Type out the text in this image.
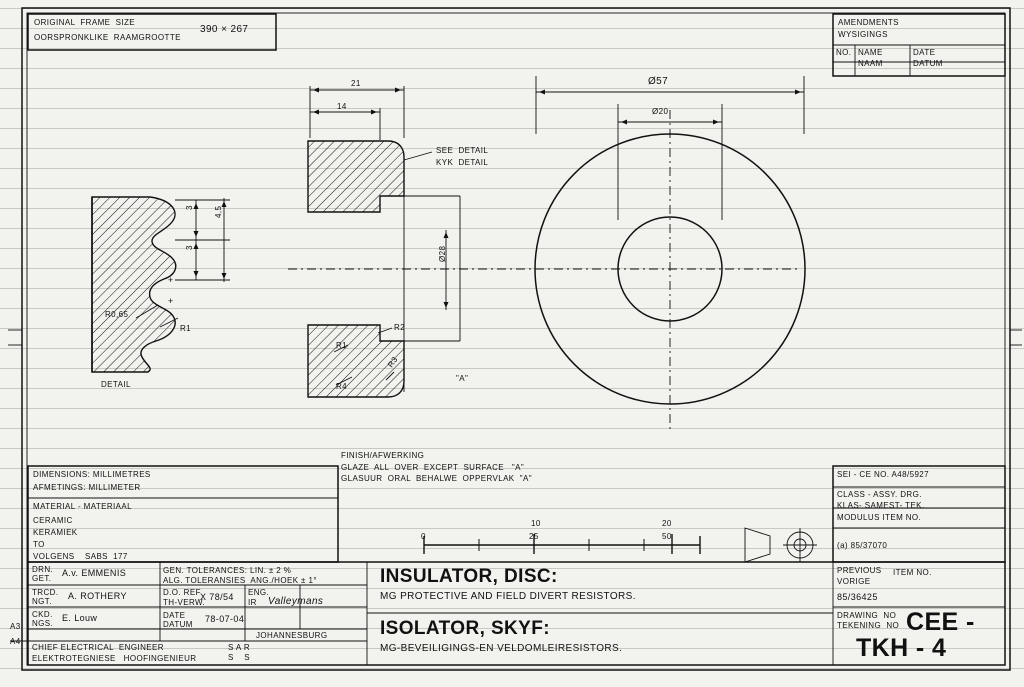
+
+
ORIGINAL  FRAME  SIZE
OORSPRONKLIKE  RAAMGROOTTE
390 × 267
AMENDMENTS
WYSIGINGS
NO. NAME
NAAM
DATE
DATUM
DETAIL
R0,65
R1
3
3
4,5
21
14
SEE  DETAIL
KYK  DETAIL
R1
R2
R3
R4
"A"
Ø28
Ø57
Ø20
FINISH/AFWERKING
GLAZE  ALL  OVER  EXCEPT  SURFACE   "A"
GLASUUR  ORAL  BEHALWE  OPPERVLAK  "A"
0
10
25
20
50
DIMENSIONS: MILLIMETRES
AFMETINGS: MILLIMETER
MATERIAL - MATERIAAL
CERAMIC
KERAMIEK
TO
VOLGENS    SABS  177
SEI - CE NO. A48/5927
CLASS - ASSY. DRG.
KLAS- SAMEST- TEK.
MODULUS ITEM NO.
(a) 85/37070
DRN.
GET.
A.v. EMMENIS
TRCD.
NGT.
A. ROTHERY
CKD.
NGS.
E. Louw
GEN. TOLERANCES: LIN. ± 2 %
ALG. TOLERANSIES  ANG./HOEK ± 1°
D.O. REF
TH-VERW.
X 78/54
DATE
DATUM
78-07-04
ENG.
IR Valleymans
JOHANNESBURG
CHIEF ELECTRICAL  ENGINEER
ELEKTROTEGNIESE   HOOFINGENIEUR
S A R
S    S
INSULATOR, DISC:
MG PROTECTIVE AND FIELD DIVERT RESISTORS.
ISOLATOR, SKYF:
MG-BEVEILIGINGS-EN VELDOMLEIRESISTORS.
PREVIOUS
VORIGE
ITEM NO.
85/36425
DRAWING  NO
TEKENING  NO CEE -
TKH - 4
A3
A4
